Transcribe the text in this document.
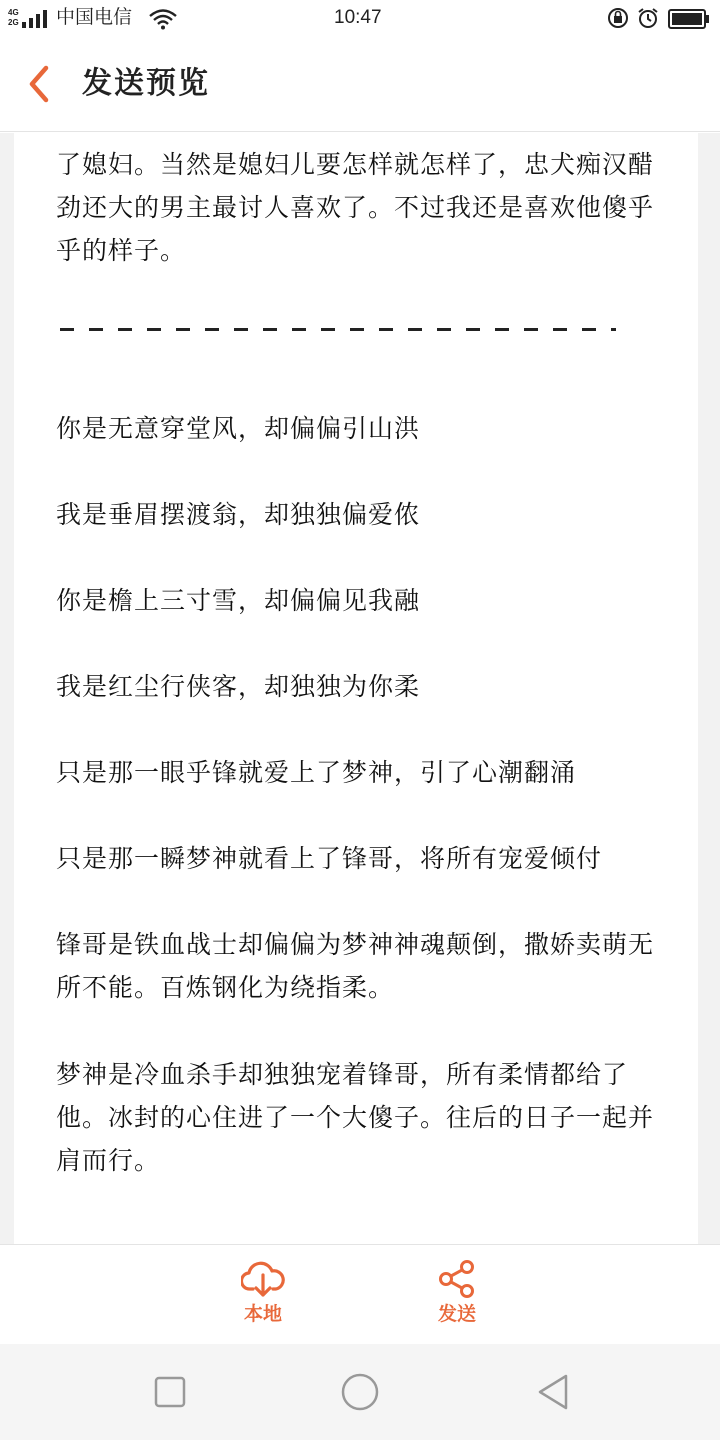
4G
2G 中国电信	10:47
发送预览
了媳妇。当然是媳妇儿要怎样就怎样了，忠犬痴汉醋劲还大的男主最讨人喜欢了。不过我还是喜欢他傻乎乎的样子。
你是无意穿堂风，却偏偏引山洪
我是垂眉摆渡翁，却独独偏爱侬
你是檐上三寸雪，却偏偏见我融
我是红尘行侠客，却独独为你柔
只是那一眼乎锋就爱上了梦神，引了心潮翻涌
只是那一瞬梦神就看上了锋哥，将所有宠爱倾付
锋哥是铁血战士却偏偏为梦神神魂颠倒，撒娇卖萌无所不能。百炼钢化为绕指柔。
梦神是冷血杀手却独独宠着锋哥，所有柔情都给了他。冰封的心住进了一个大傻子。往后的日子一起并肩而行。
本地	发送
